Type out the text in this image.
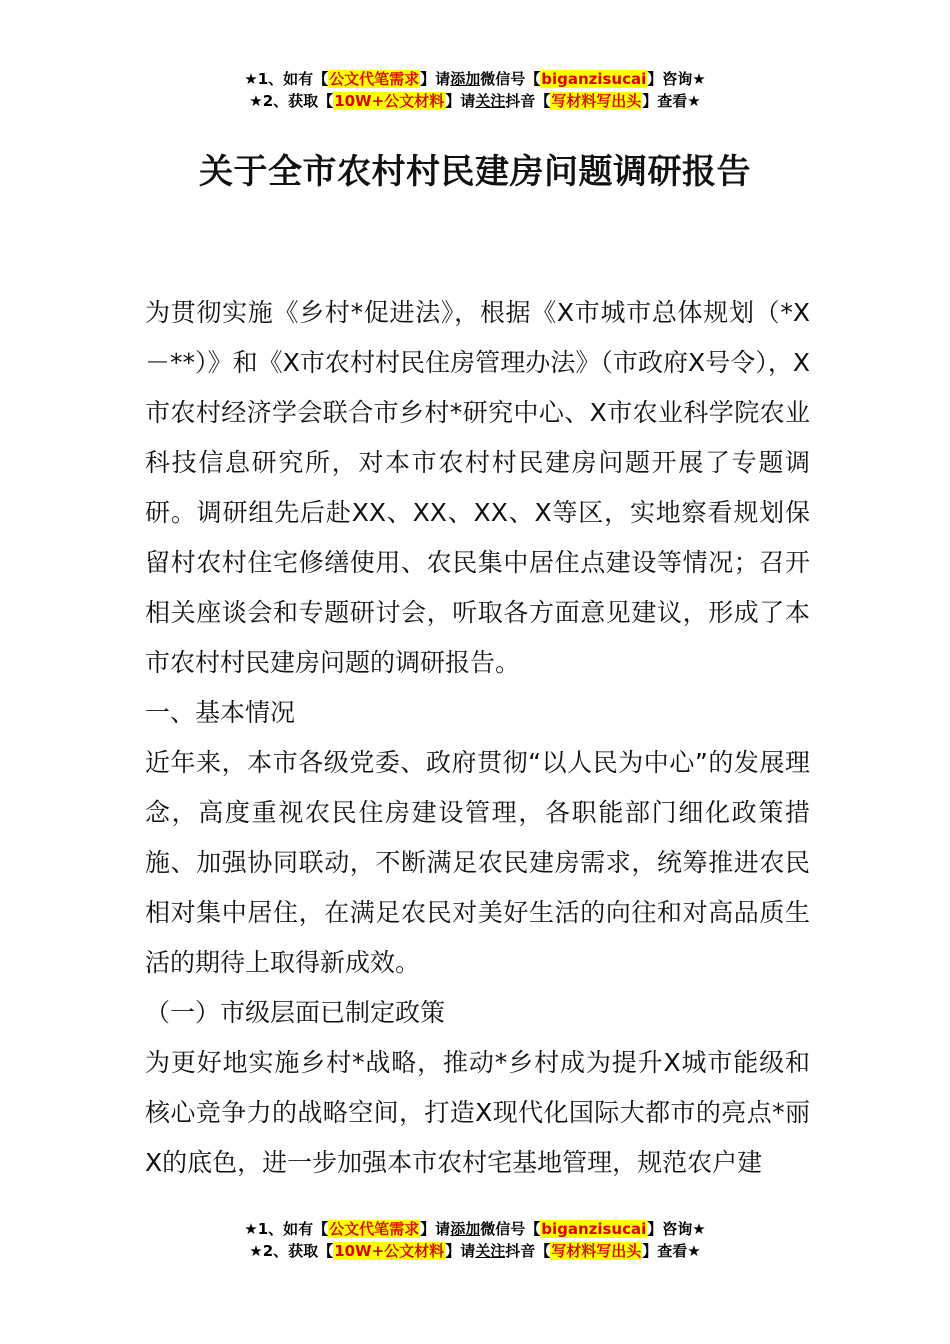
★1、如有【公文代笔需求】请添加微信号【biganzisucai】咨询★
★2、获取【10W+公文材料】请关注抖音【写材料写出头】查看★
关于全市农村村民建房问题调研报告

为贯彻实施《乡村*促进法》，根据《X市城市总体规划（*X－**）》和《X市农村村民住房管理办法》（市政府X号令），X市农村经济学会联合市乡村*研究中心、X市农业科学院农业科技信息研究所，对本市农村村民建房问题开展了专题调研。调研组先后赴XX、XX、XX、X等区，实地察看规划保留村农村住宅修缮使用、农民集中居住点建设等情况；召开相关座谈会和专题研讨会，听取各方面意见建议，形成了本市农村村民建房问题的调研报告。

一、基本情况

近年来，本市各级党委、政府贯彻“以人民为中心”的发展理念，高度重视农民住房建设管理，各职能部门细化政策措施、加强协同联动，不断满足农民建房需求，统筹推进农民相对集中居住，在满足农民对美好生活的向往和对高品质生活的期待上取得新成效。

（一）市级层面已制定政策

为更好地实施乡村*战略，推动*乡村成为提升X城市能级和核心竞争力的战略空间，打造X现代化国际大都市的亮点*丽X的底色，进一步加强本市农村宅基地管理，规范农户建

★1、如有【公文代笔需求】请添加微信号【biganzisucai】咨询★
★2、获取【10W+公文材料】请关注抖音【写材料写出头】查看★
